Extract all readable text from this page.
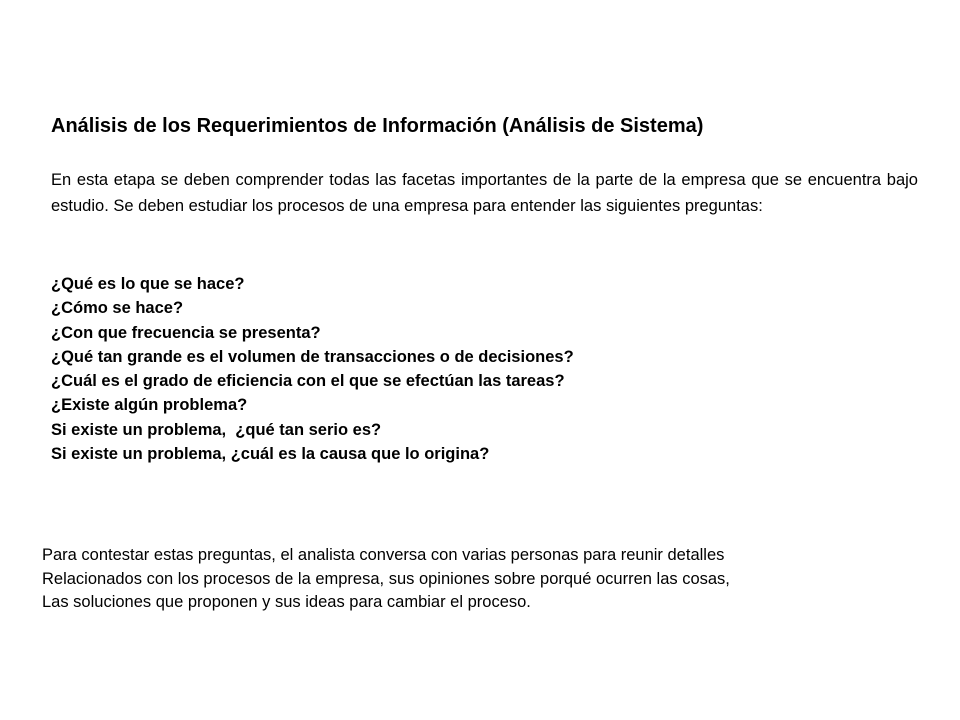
Análisis de los Requerimientos de Información (Análisis de Sistema)
En esta etapa se deben comprender todas las facetas importantes de la parte de la empresa que se encuentra bajo estudio. Se deben estudiar los procesos de una empresa para entender las siguientes preguntas:
¿Qué es lo que se hace?
¿Cómo se hace?
¿Con que frecuencia se presenta?
¿Qué tan grande es el volumen de transacciones o de decisiones?
¿Cuál es el grado de eficiencia con el que se efectúan las tareas?
¿Existe algún problema?
Si existe un problema,  ¿qué tan serio es?
Si existe un problema, ¿cuál es la causa que lo origina?
Para contestar estas preguntas, el analista conversa con varias personas para reunir detalles
Relacionados con los procesos de la empresa, sus opiniones sobre porqué ocurren las cosas,
Las soluciones que proponen y sus ideas para cambiar el proceso.
